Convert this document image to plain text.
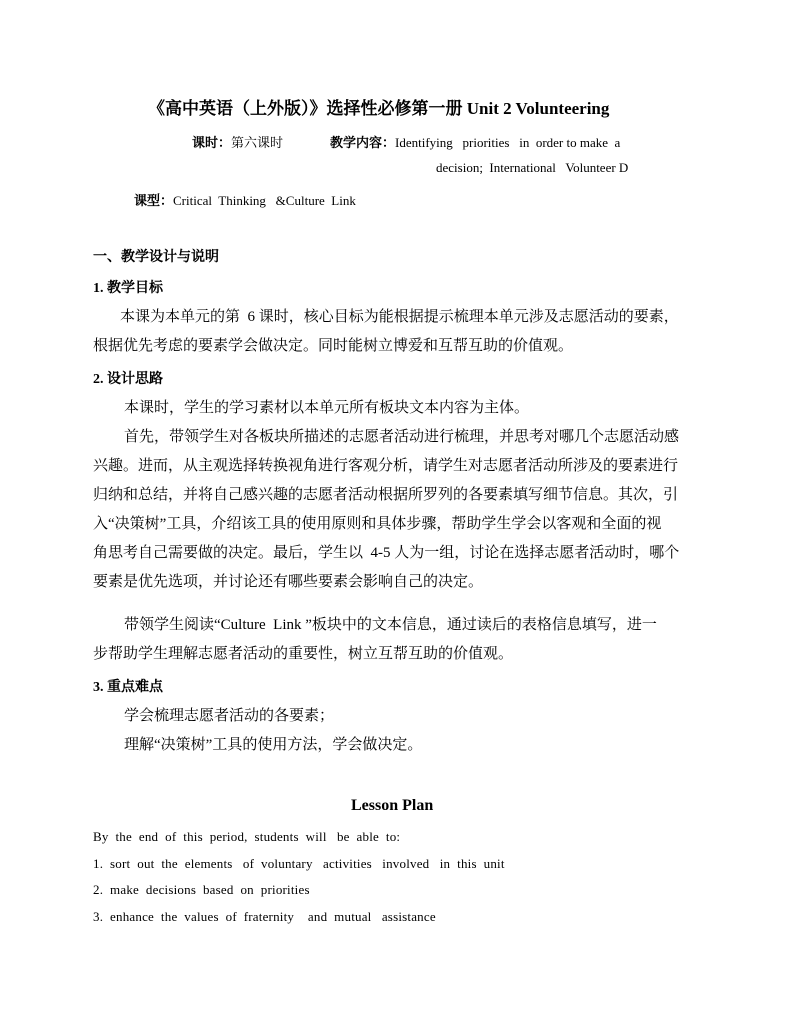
《高中英语（上外版）》选择性必修第一册 Unit 2 Volunteering
课时：第六课时	教学内容：Identifying   priorities   in  order to make  a
decision;  International   Volunteer D
课型：Critical  Thinking   &Culture  Link
一、教学设计与说明
1. 教学目标
本课为本单元的第  6 课时，核心目标为能根据提示梳理本单元涉及志愿活动的要素，
根据优先考虑的要素学会做决定。同时能树立博爱和互帮互助的价值观。
2. 设计思路
本课时，学生的学习素材以本单元所有板块文本内容为主体。
首先，带领学生对各板块所描述的志愿者活动进行梳理，并思考对哪几个志愿活动感
兴趣。进而，从主观选择转换视角进行客观分析，请学生对志愿者活动所涉及的要素进行
归纳和总结，并将自己感兴趣的志愿者活动根据所罗列的各要素填写细节信息。其次，引
入“决策树”工具，介绍该工具的使用原则和具体步骤，帮助学生学会以客观和全面的视
角思考自己需要做的决定。最后，学生以  4-5 人为一组，讨论在选择志愿者活动时，哪个
要素是优先选项，并讨论还有哪些要素会影响自己的决定。
带领学生阅读“Culture  Link ”板块中的文本信息，通过读后的表格信息填写，进一
步帮助学生理解志愿者活动的重要性，树立互帮互助的价值观。
3. 重点难点
学会梳理志愿者活动的各要素；
理解“决策树”工具的使用方法，学会做决定。
Lesson Plan
By  the  end  of  this  period,  students  will   be  able  to:
1.  sort  out  the  elements   of  voluntary   activities   involved   in  this  unit
2.  make  decisions  based  on  priorities
3.  enhance  the  values  of  fraternity    and  mutual   assistance
